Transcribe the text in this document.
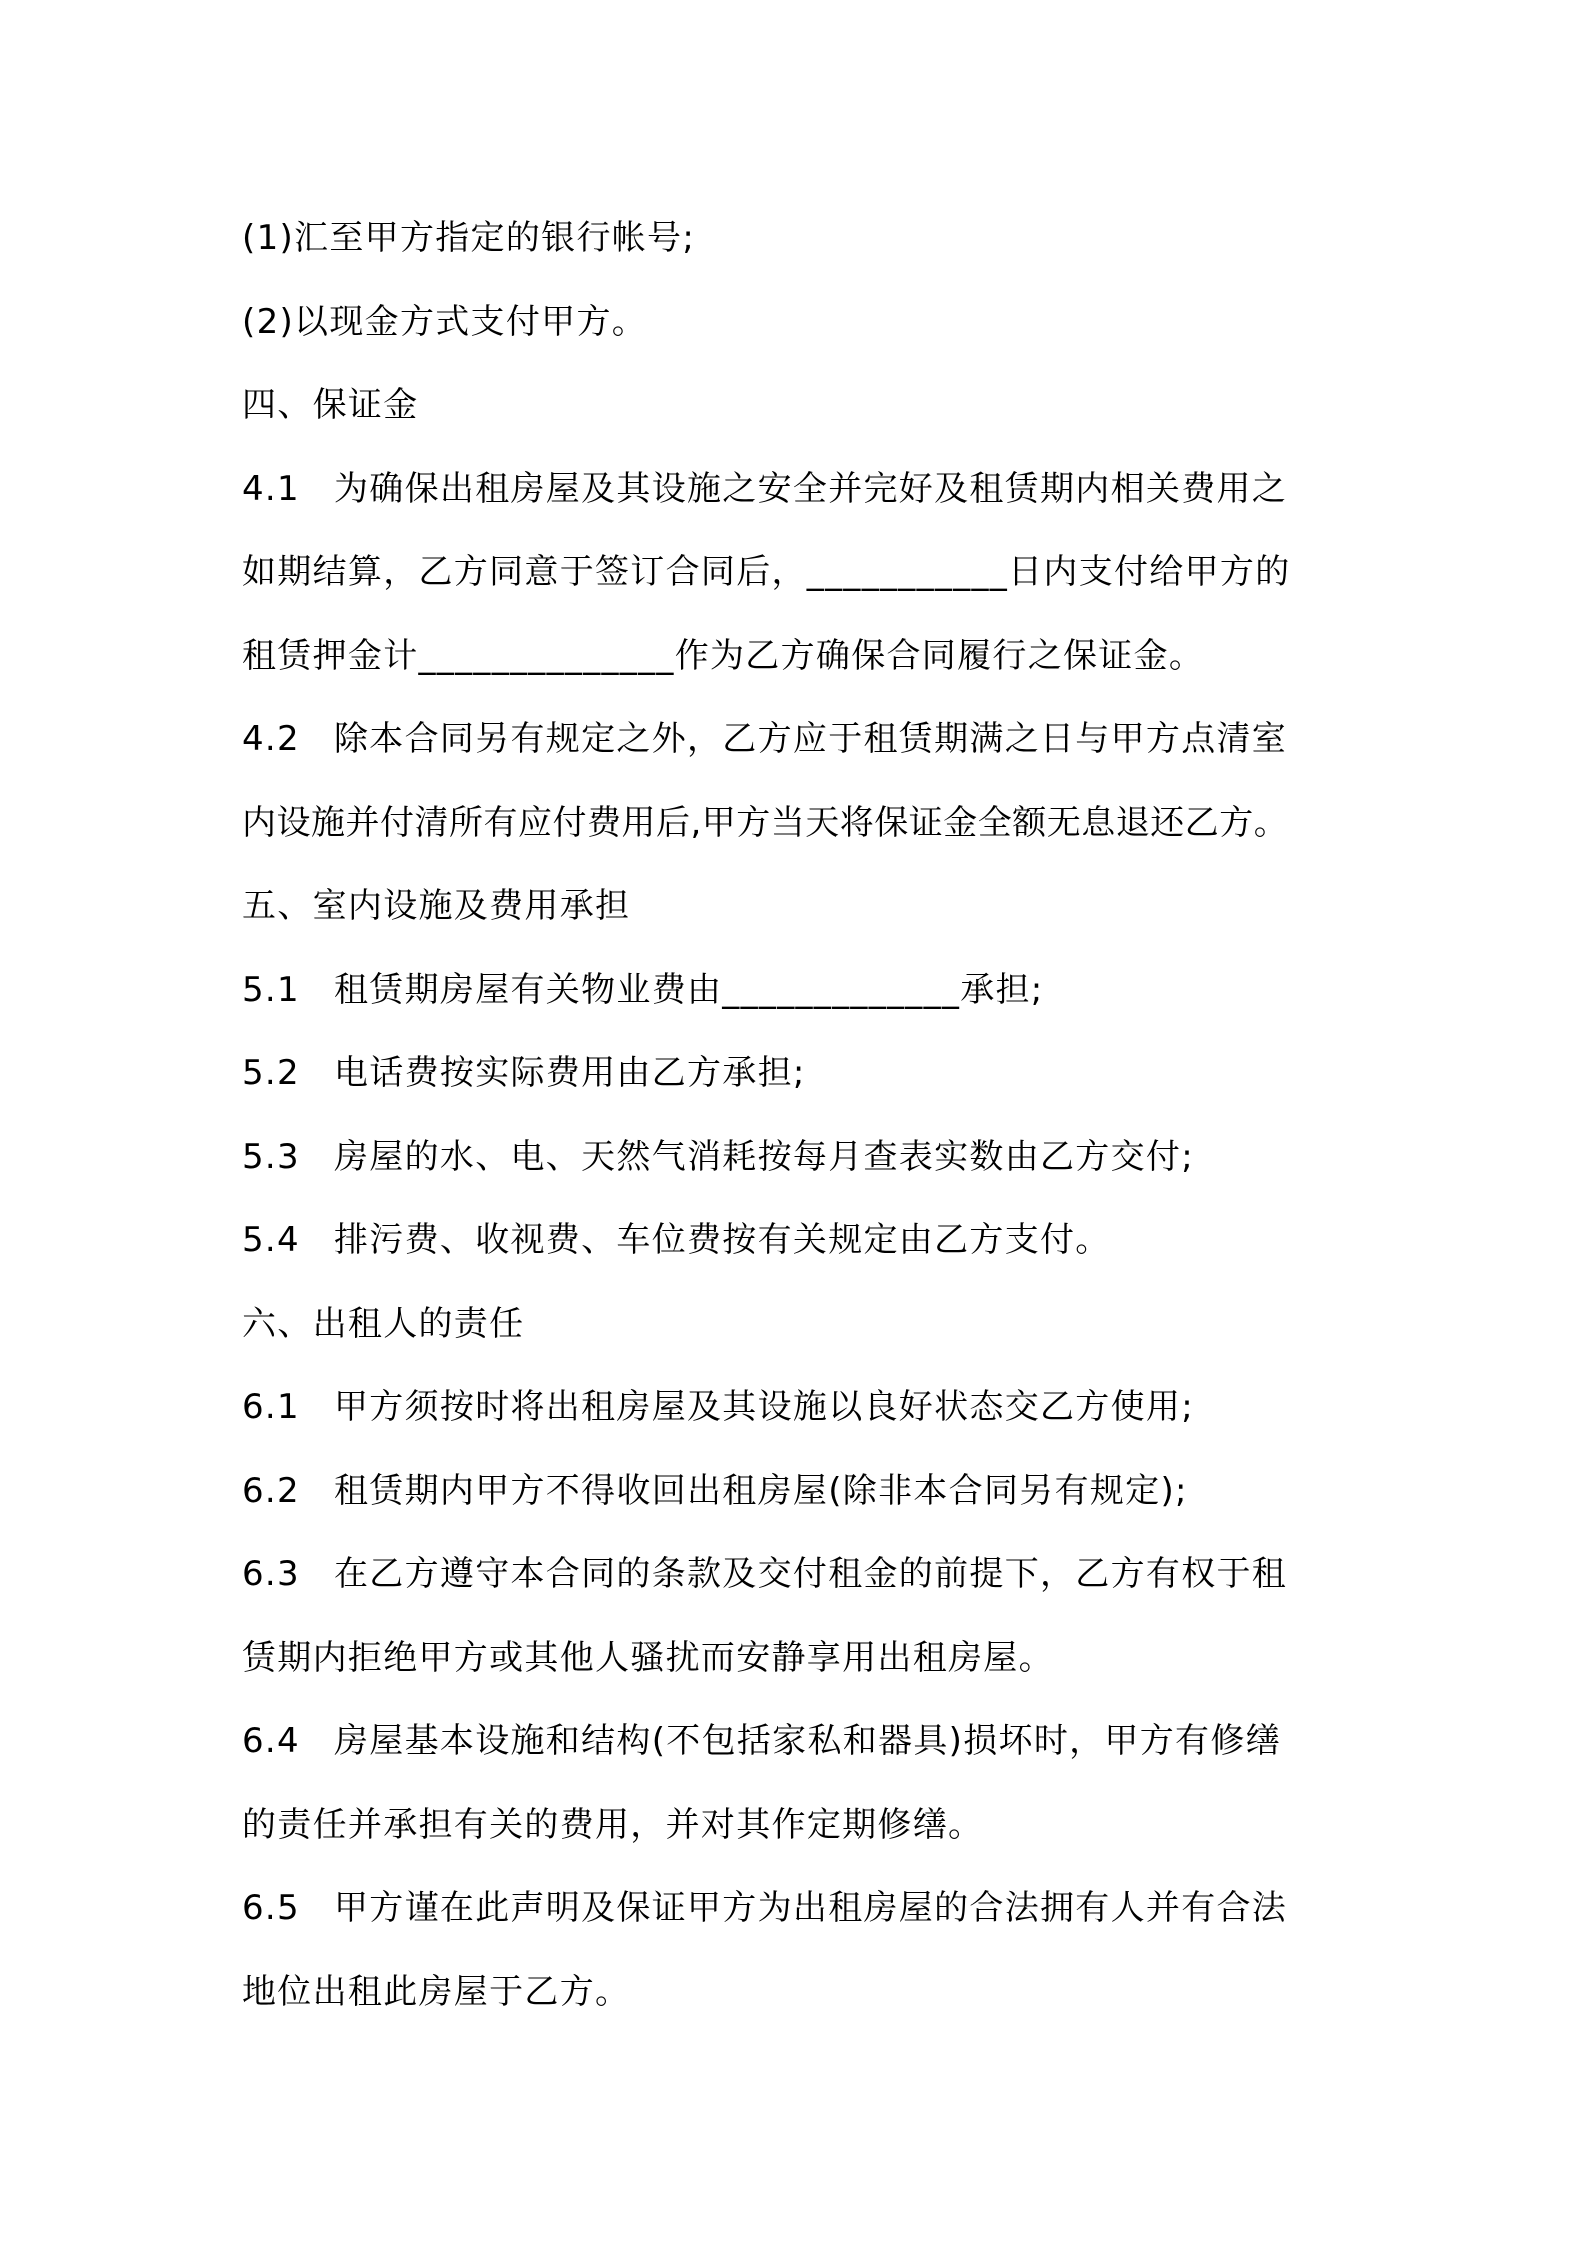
(1)汇至甲方指定的银行帐号;
(2)以现金方式支付甲方。
四、保证金
4.1 为确保出租房屋及其设施之安全并完好及租赁期内相关费用之
如期结算，乙方同意于签订合同后，___________日内支付给甲方的
租赁押金计______________作为乙方确保合同履行之保证金。
4.2 除本合同另有规定之外，乙方应于租赁期满之日与甲方点清室
内设施并付清所有应付费用后,甲方当天将保证金全额无息退还乙方。
五、室内设施及费用承担
5.1 租赁期房屋有关物业费由_____________承担;
5.2 电话费按实际费用由乙方承担;
5.3 房屋的水、电、天然气消耗按每月查表实数由乙方交付;
5.4 排污费、收视费、车位费按有关规定由乙方支付。
六、出租人的责任
6.1 甲方须按时将出租房屋及其设施以良好状态交乙方使用;
6.2 租赁期内甲方不得收回出租房屋(除非本合同另有规定);
6.3 在乙方遵守本合同的条款及交付租金的前提下，乙方有权于租
赁期内拒绝甲方或其他人骚扰而安静享用出租房屋。
6.4 房屋基本设施和结构(不包括家私和器具)损坏时，甲方有修缮
的责任并承担有关的费用，并对其作定期修缮。
6.5 甲方谨在此声明及保证甲方为出租房屋的合法拥有人并有合法
地位出租此房屋于乙方。
